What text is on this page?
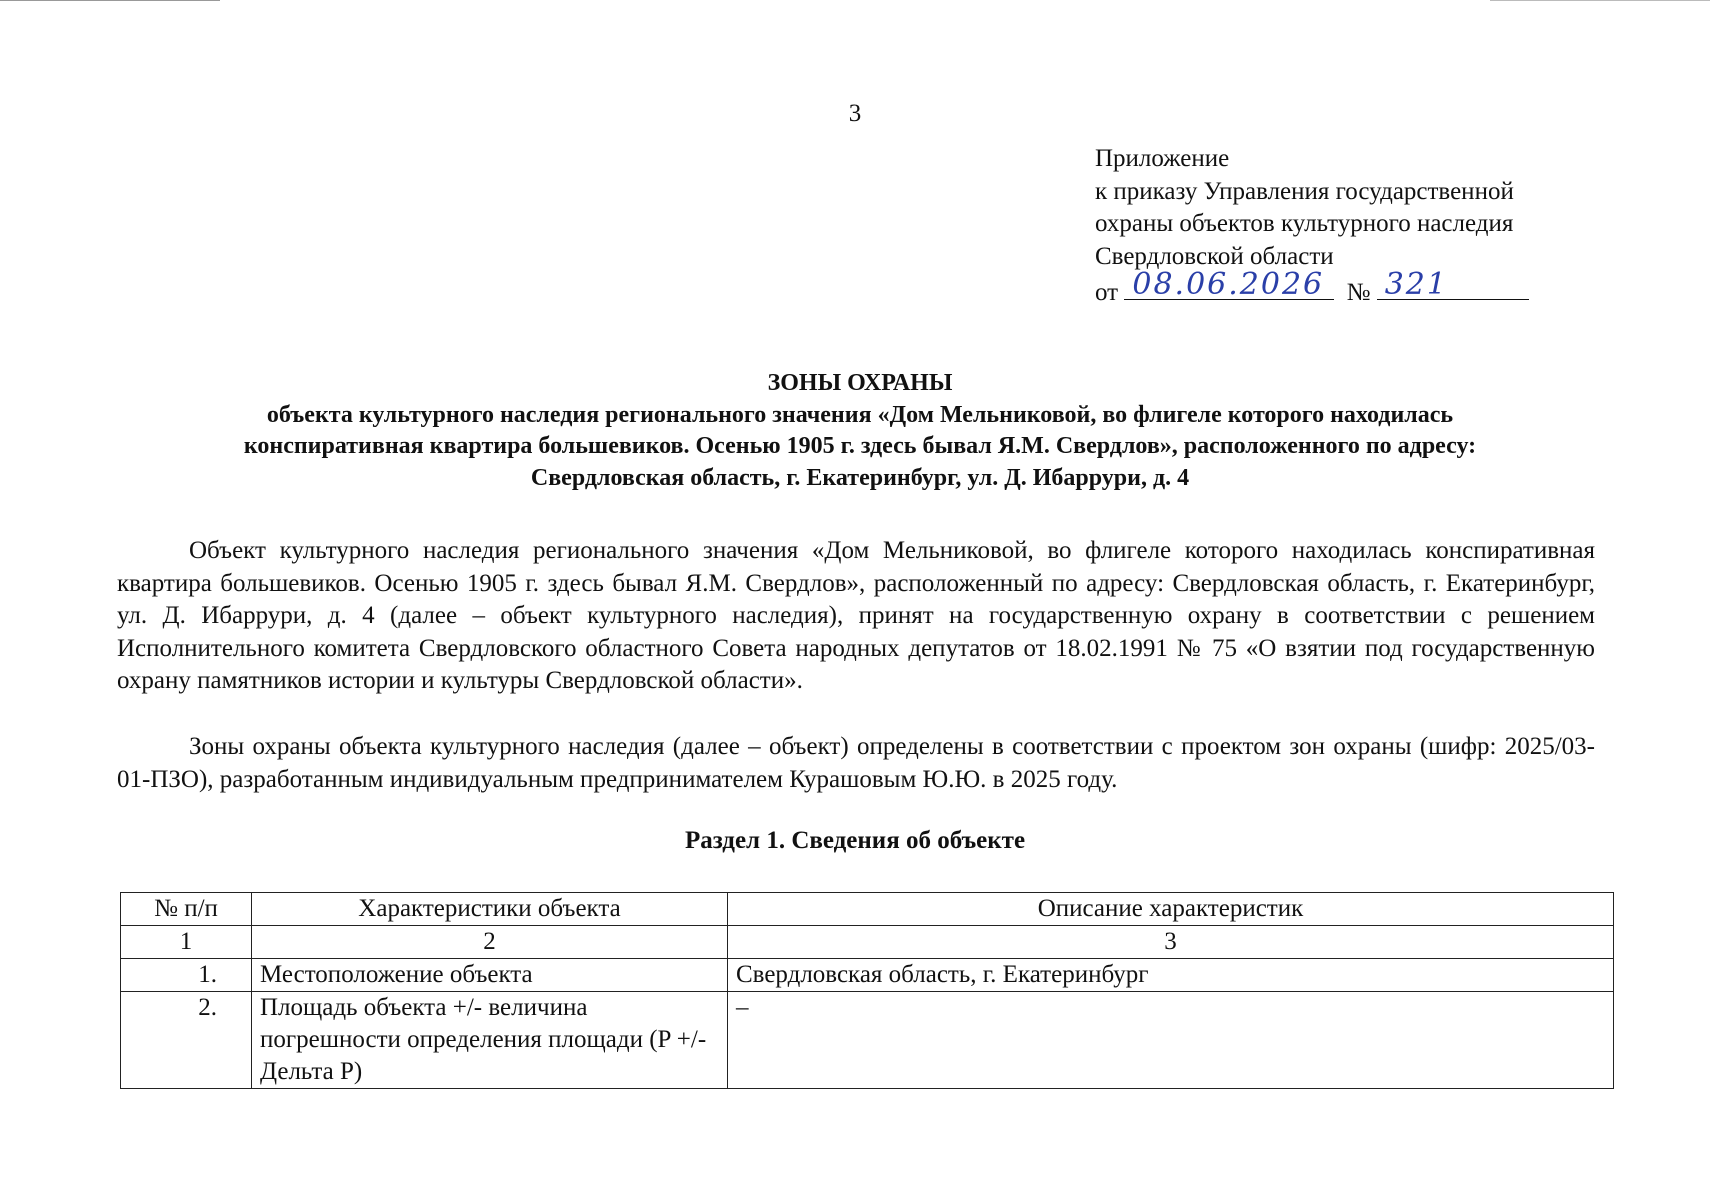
3
Приложение
к приказу Управления государственной
охраны объектов культурного наследия
Свердловской области
от 08.06.2026 № 321
ЗОНЫ ОХРАНЫ
объекта культурного наследия регионального значения «Дом Мельниковой, во флигеле которого находилась
конспиративная квартира большевиков. Осенью 1905 г. здесь бывал Я.М. Свердлов», расположенного по адресу:
Свердловская область, г. Екатеринбург, ул. Д. Ибаррури, д. 4
Объект культурного наследия регионального значения «Дом Мельниковой, во флигеле которого находилась конспиративная квартира большевиков. Осенью 1905 г. здесь бывал Я.М. Свердлов», расположенный по адресу: Свердловская область, г. Екатеринбург, ул. Д. Ибаррури, д. 4 (далее – объект культурного наследия), принят на государственную охрану в соответствии с решением Исполнительного комитета Свердловского областного Совета народных депутатов от 18.02.1991 № 75 «О взятии под государственную охрану памятников истории и культуры Свердловской области».
Зоны охраны объекта культурного наследия (далее – объект) определены в соответствии с проектом зон охраны (шифр: 2025/03-01-ПЗО), разработанным индивидуальным предпринимателем Курашовым Ю.Ю. в 2025 году.
Раздел 1. Сведения об объекте
№ п/п	Характеристики объекта	Описание характеристик
1	2	3
1.	Местоположение объекта	Свердловская область, г. Екатеринбург
2.	Площадь объекта +/- величина погрешности определения площади (P +/- Дельта P)	–
